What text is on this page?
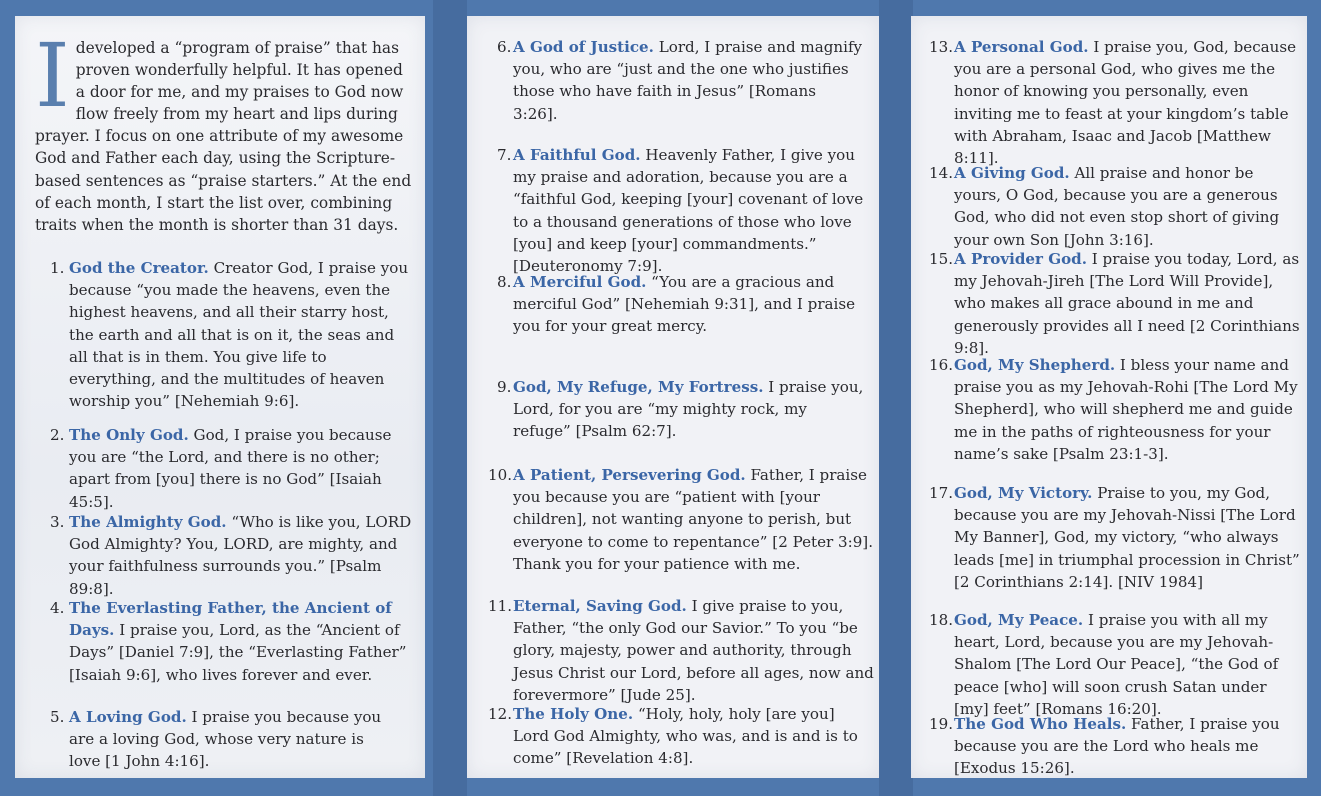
Ideveloped a “program of praise” that has proven wonderfully helpful. It has opened a door for me, and my praises to God now flow freely from my heart and lips during prayer. I focus on one attribute of my awesome God and Father each day, using the Scripture-based sentences as “praise starters.” At the end of each month, I start the list over, combining traits when the month is shorter than 31 days.

1. God the Creator. Creator God, I praise you because “you made the heavens, even the highest heavens, and all their starry host, the earth and all that is on it, the seas and all that is in them. You give life to everything, and the multitudes of heaven worship you” [Nehemiah 9:6].
2. The Only God. God, I praise you because you are “the Lord, and there is no other; apart from [you] there is no God” [Isaiah 45:5].
3. The Almighty God. “Who is like you, LORD God Almighty? You, LORD, are mighty, and your faithfulness surrounds you.” [Psalm 89:8].
4. The Everlasting Father, the Ancient of Days. I praise you, Lord, as the “Ancient of Days” [Daniel 7:9], the “Everlasting Father” [Isaiah 9:6], who lives forever and ever.
5. A Loving God. I praise you because you are a loving God, whose very nature is love [1 John 4:16].
6. A God of Justice. Lord, I praise and magnify you, who are “just and the one who justifies those who have faith in Jesus” [Romans 3:26].
7. A Faithful God. Heavenly Father, I give you my praise and adoration, because you are a “faithful God, keeping [your] covenant of love to a thousand generations of those who love [you] and keep [your] commandments.” [Deuteronomy 7:9].
8. A Merciful God. “You are a gracious and merciful God” [Nehemiah 9:31], and I praise you for your great mercy.
9. God, My Refuge, My Fortress. I praise you, Lord, for you are “my mighty rock, my refuge” [Psalm 62:7].
10. A Patient, Persevering God. Father, I praise you because you are “patient with [your children], not wanting anyone to perish, but everyone to come to repentance” [2 Peter 3:9]. Thank you for your patience with me.
11. Eternal, Saving God. I give praise to you, Father, “the only God our Savior.” To you “be glory, majesty, power and authority, through Jesus Christ our Lord, before all ages, now and forevermore” [Jude 25].
12. The Holy One. “Holy, holy, holy [are you] Lord God Almighty, who was, and is and is to come” [Revelation 4:8].
13. A Personal God. I praise you, God, because you are a personal God, who gives me the honor of knowing you personally, even inviting me to feast at your kingdom’s table with Abraham, Isaac and Jacob [Matthew 8:11].
14. A Giving God. All praise and honor be yours, O God, because you are a generous God, who did not even stop short of giving your own Son [John 3:16].
15. A Provider God. I praise you today, Lord, as my Jehovah-Jireh [The Lord Will Provide], who makes all grace abound in me and generously provides all I need [2 Corinthians 9:8].
16. God, My Shepherd. I bless your name and praise you as my Jehovah-Rohi [The Lord My Shepherd], who will shepherd me and guide me in the paths of righteousness for your name’s sake [Psalm 23:1-3].
17. God, My Victory. Praise to you, my God, because you are my Jehovah-Nissi [The Lord My Banner], God, my victory, “who always leads [me] in triumphal procession in Christ” [2 Corinthians 2:14]. [NIV 1984]
18. God, My Peace. I praise you with all my heart, Lord, because you are my Jehovah-Shalom [The Lord Our Peace], “the God of peace [who] will soon crush Satan under [my] feet” [Romans 16:20].
19. The God Who Heals. Father, I praise you because you are the Lord who heals me [Exodus 15:26].
